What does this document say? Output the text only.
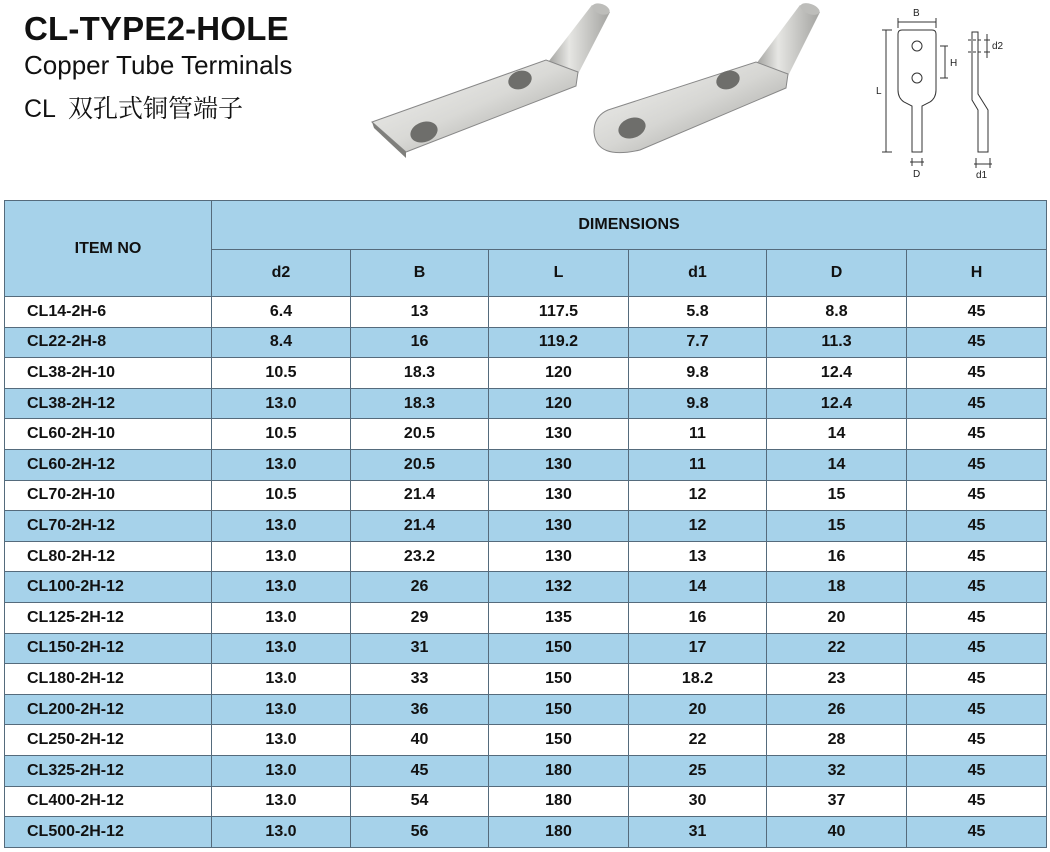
CL-TYPE2-HOLE
Copper Tube Terminals
CL 双孔式铜管端子
B
H
L
D
d2
d1
ITEM NO	DIMENSIONS					
	d2	B	L	d1	D	H
CL14-2H-6	6.4	13	117.5	5.8	8.8	45
CL22-2H-8	8.4	16	119.2	7.7	11.3	45
CL38-2H-10	10.5	18.3	120	9.8	12.4	45
CL38-2H-12	13.0	18.3	120	9.8	12.4	45
CL60-2H-10	10.5	20.5	130	11	14	45
CL60-2H-12	13.0	20.5	130	11	14	45
CL70-2H-10	10.5	21.4	130	12	15	45
CL70-2H-12	13.0	21.4	130	12	15	45
CL80-2H-12	13.0	23.2	130	13	16	45
CL100-2H-12	13.0	26	132	14	18	45
CL125-2H-12	13.0	29	135	16	20	45
CL150-2H-12	13.0	31	150	17	22	45
CL180-2H-12	13.0	33	150	18.2	23	45
CL200-2H-12	13.0	36	150	20	26	45
CL250-2H-12	13.0	40	150	22	28	45
CL325-2H-12	13.0	45	180	25	32	45
CL400-2H-12	13.0	54	180	30	37	45
CL500-2H-12	13.0	56	180	31	40	45
